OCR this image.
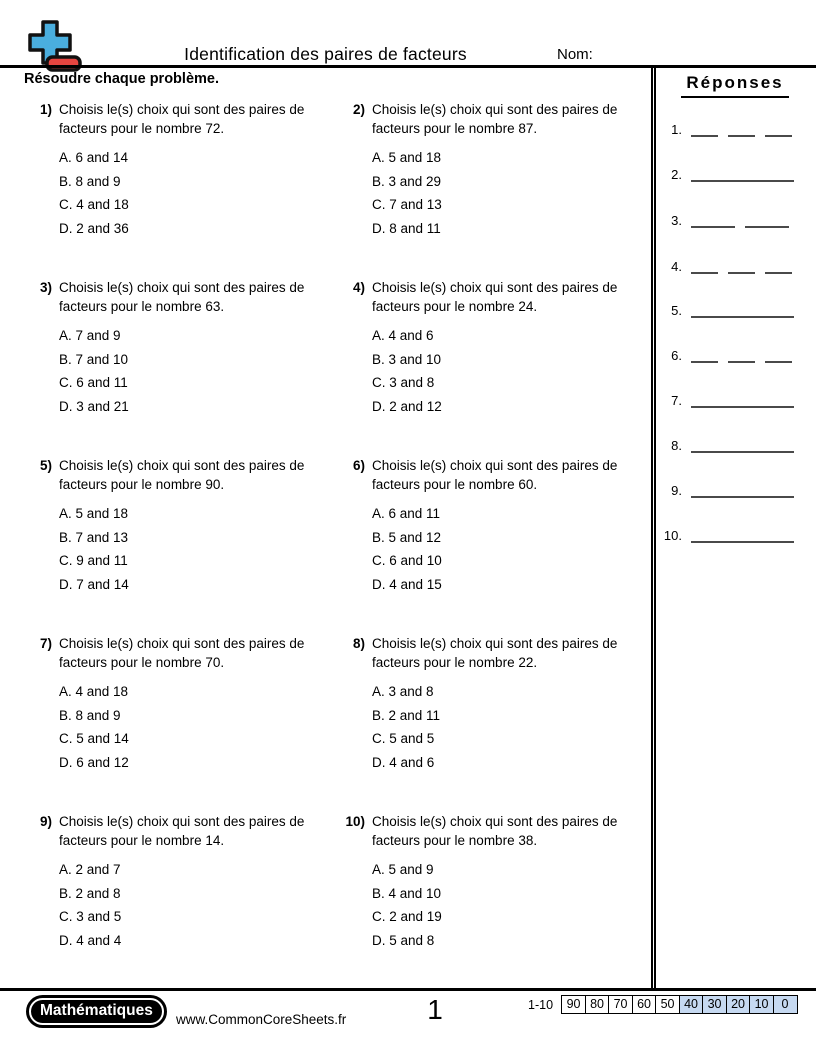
Identification des paires de facteurs	Nom:
Résoudre chaque problème.	Réponses
1.
2.
3.
4.
5.
6.
7.
8.
9.
10.
1) Choisis le(s) choix qui sont des paires de facteurs pour le nombre 72.
A. 6 and 14
B. 8 and 9
C. 4 and 18
D. 2 and 36
2) Choisis le(s) choix qui sont des paires de facteurs pour le nombre 87.
A. 5 and 18
B. 3 and 29
C. 7 and 13
D. 8 and 11
3) Choisis le(s) choix qui sont des paires de facteurs pour le nombre 63.
A. 7 and 9
B. 7 and 10
C. 6 and 11
D. 3 and 21
4) Choisis le(s) choix qui sont des paires de facteurs pour le nombre 24.
A. 4 and 6
B. 3 and 10
C. 3 and 8
D. 2 and 12
5) Choisis le(s) choix qui sont des paires de facteurs pour le nombre 90.
A. 5 and 18
B. 7 and 13
C. 9 and 11
D. 7 and 14
6) Choisis le(s) choix qui sont des paires de facteurs pour le nombre 60.
A. 6 and 11
B. 5 and 12
C. 6 and 10
D. 4 and 15
7) Choisis le(s) choix qui sont des paires de facteurs pour le nombre 70.
A. 4 and 18
B. 8 and 9
C. 5 and 14
D. 6 and 12
8) Choisis le(s) choix qui sont des paires de facteurs pour le nombre 22.
A. 3 and 8
B. 2 and 11
C. 5 and 5
D. 4 and 6
9) Choisis le(s) choix qui sont des paires de facteurs pour le nombre 14.
A. 2 and 7
B. 2 and 8
C. 3 and 5
D. 4 and 4
10) Choisis le(s) choix qui sont des paires de facteurs pour le nombre 38.
A. 5 and 9
B. 4 and 10
C. 2 and 19
D. 5 and 8
Mathématiques
www.CommonCoreSheets.fr	1	1-10	90 80 70 60 50 40 30 20 10	0
